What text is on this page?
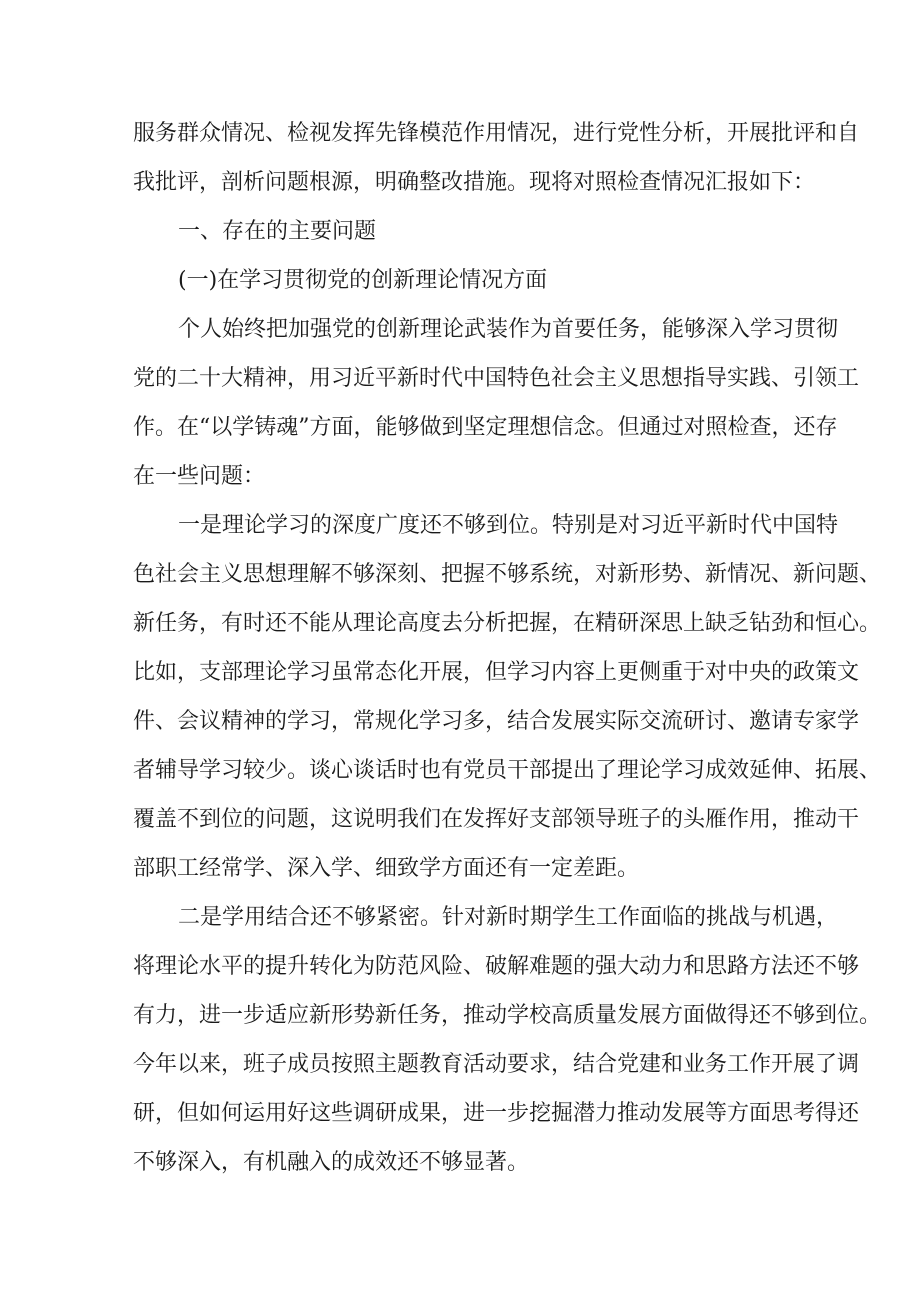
服务群众情况、检视发挥先锋模范作用情况，进行党性分析，开展批评和自

我批评，剖析问题根源，明确整改措施。现将对照检查情况汇报如下：

一、存在的主要问题

(一)在学习贯彻党的创新理论情况方面

个人始终把加强党的创新理论武装作为首要任务，能够深入学习贯彻

党的二十大精神，用习近平新时代中国特色社会主义思想指导实践、引领工

作。在“以学铸魂”方面，能够做到坚定理想信念。但通过对照检查，还存

在一些问题：

一是理论学习的深度广度还不够到位。特别是对习近平新时代中国特

色社会主义思想理解不够深刻、把握不够系统，对新形势、新情况、新问题、

新任务，有时还不能从理论高度去分析把握，在精研深思上缺乏钻劲和恒心。

比如，支部理论学习虽常态化开展，但学习内容上更侧重于对中央的政策文

件、会议精神的学习，常规化学习多，结合发展实际交流研讨、邀请专家学

者辅导学习较少。谈心谈话时也有党员干部提出了理论学习成效延伸、拓展、

覆盖不到位的问题，这说明我们在发挥好支部领导班子的头雁作用，推动干

部职工经常学、深入学、细致学方面还有一定差距。

二是学用结合还不够紧密。针对新时期学生工作面临的挑战与机遇，

将理论水平的提升转化为防范风险、破解难题的强大动力和思路方法还不够

有力，进一步适应新形势新任务，推动学校高质量发展方面做得还不够到位。

今年以来，班子成员按照主题教育活动要求，结合党建和业务工作开展了调

研，但如何运用好这些调研成果，进一步挖掘潜力推动发展等方面思考得还

不够深入，有机融入的成效还不够显著。
